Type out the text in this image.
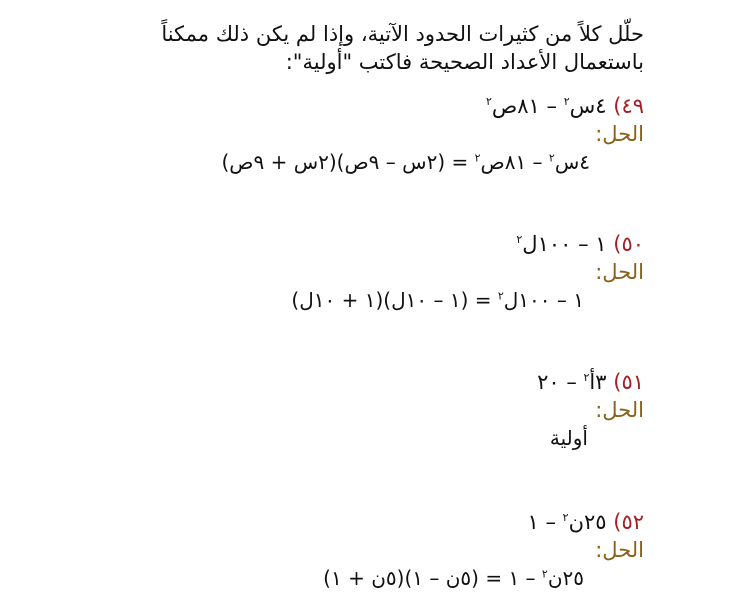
حلّل كلاً من كثيرات الحدود الآتية، وإذا لم يكن ذلك ممكناً
باستعمال الأعداد الصحيحة فاكتب "أولية":
٤٩) ٤س$^٢$ – ٨١ص$^٢$
الحل:
٤س$^٢$ – ٨١ص$^٢$ = (٢س – ٩ص)(٢س + ٩ص)
٥٠) ١ – ١٠٠ل$^٢$
الحل:
١ – ١٠٠ل$^٢$ = (١ – ١٠ل)(١ + ١٠ل)
٥١) ٣أ$^٢$ – ٢٠
الحل:
أولية
٥٢) ٢٥ن$^٢$ – ١
الحل:
٢٥ن$^٢$ – ١ = (٥ن – ١)(٥ن + ١)
